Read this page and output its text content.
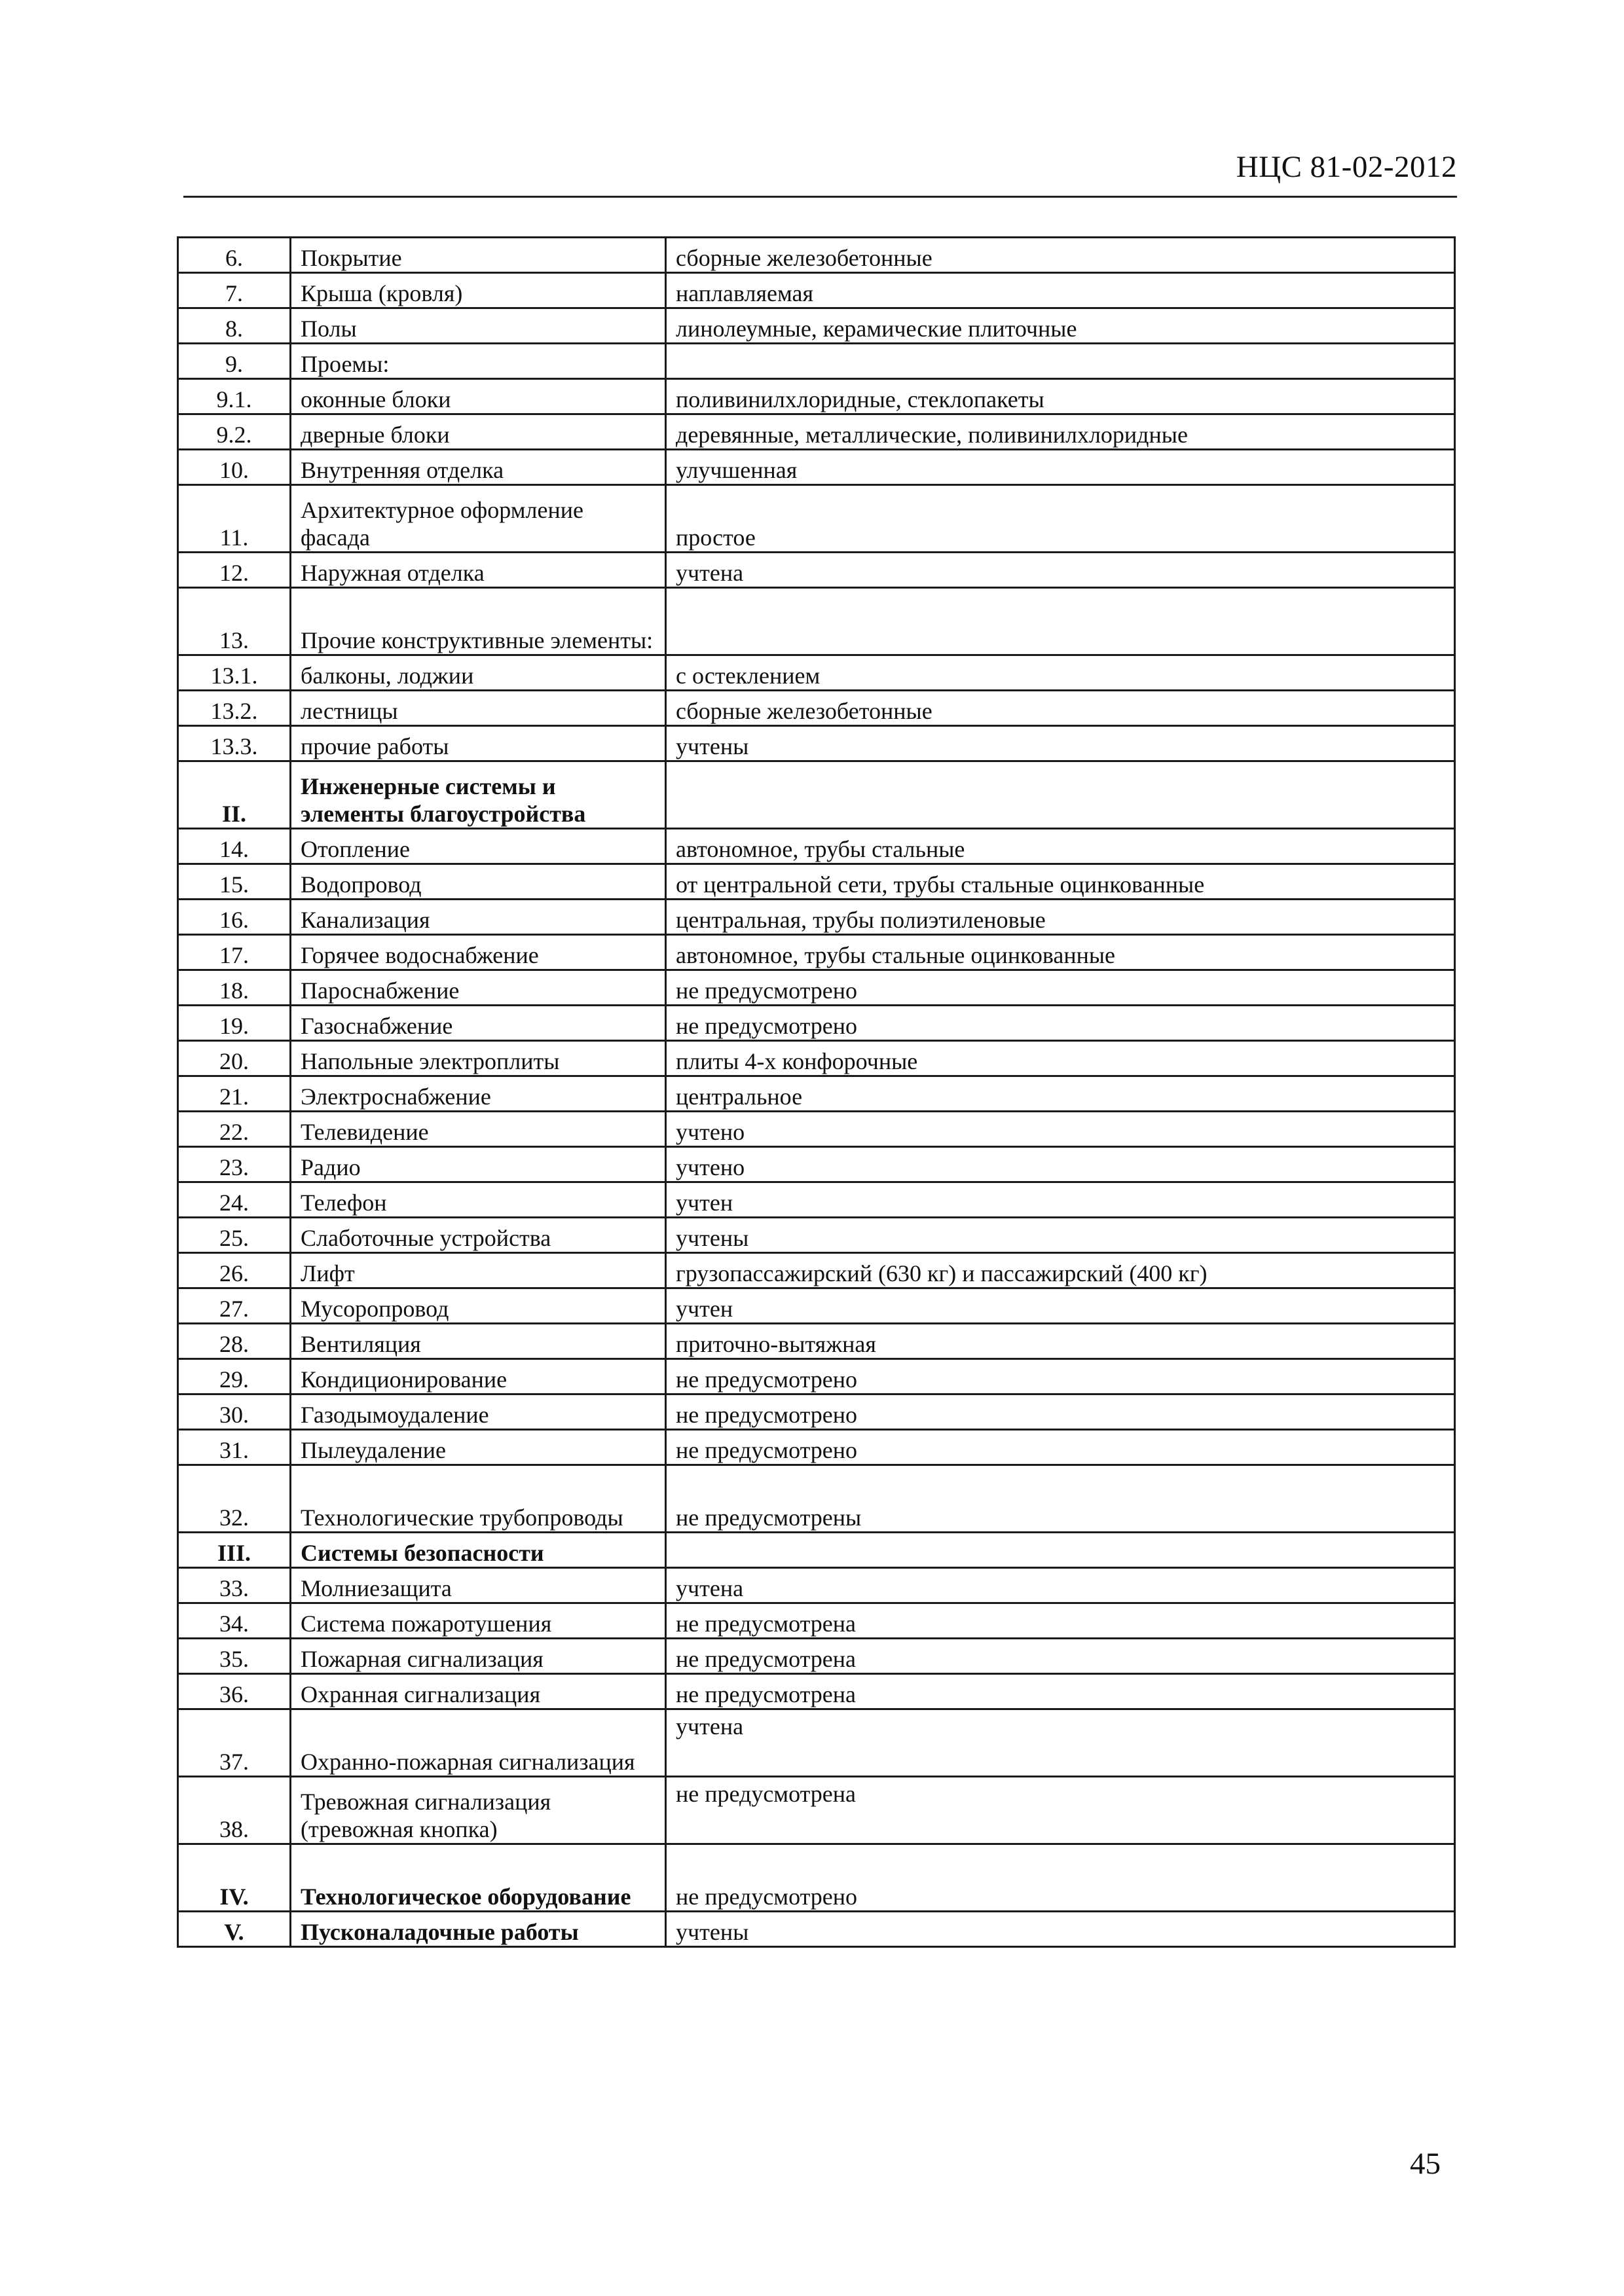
НЦС 81-02-2012
6.	Покрытие	сборные железобетонные
7.	Крыша (кровля)	наплавляемая
8.	Полы	линолеумные, керамические плиточные
9.	Проемы:	
9.1.	оконные блоки	поливинилхлоридные, стеклопакеты
9.2.	дверные блоки	деревянные, металлические, поливинилхлоридные
10.	Внутренняя отделка	улучшенная
11.	Архитектурное оформление фасада	простое
12.	Наружная отделка	учтена
13.	Прочие конструктивные элементы:	
13.1.	балконы, лоджии	с остеклением
13.2.	лестницы	сборные железобетонные
13.3.	прочие работы	учтены
II.	Инженерные системы и элементы благоустройства	
14.	Отопление	автономное, трубы стальные
15.	Водопровод	от центральной сети, трубы стальные оцинкованные
16.	Канализация	центральная, трубы полиэтиленовые
17.	Горячее водоснабжение	автономное, трубы стальные оцинкованные
18.	Пароснабжение	не предусмотрено
19.	Газоснабжение	не предусмотрено
20.	Напольные электроплиты	плиты 4-х конфорочные
21.	Электроснабжение	центральное
22.	Телевидение	учтено
23.	Радио	учтено
24.	Телефон	учтен
25.	Слаботочные устройства	учтены
26.	Лифт	грузопассажирский (630 кг) и пассажирский (400 кг)
27.	Мусоропровод	учтен
28.	Вентиляция	приточно-вытяжная
29.	Кондиционирование	не предусмотрено
30.	Газодымоудаление	не предусмотрено
31.	Пылеудаление	не предусмотрено
32.	Технологические трубопроводы	не предусмотрены
III.	Системы безопасности	
33.	Молниезащита	учтена
34.	Система пожаротушения	не предусмотрена
35.	Пожарная сигнализация	не предусмотрена
36.	Охранная сигнализация	не предусмотрена
37.	Охранно-пожарная сигнализация	учтена
38.	Тревожная сигнализация (тревожная кнопка)	не предусмотрена
IV.	Технологическое оборудование	не предусмотрено
V.	Пусконаладочные работы	учтены
45
